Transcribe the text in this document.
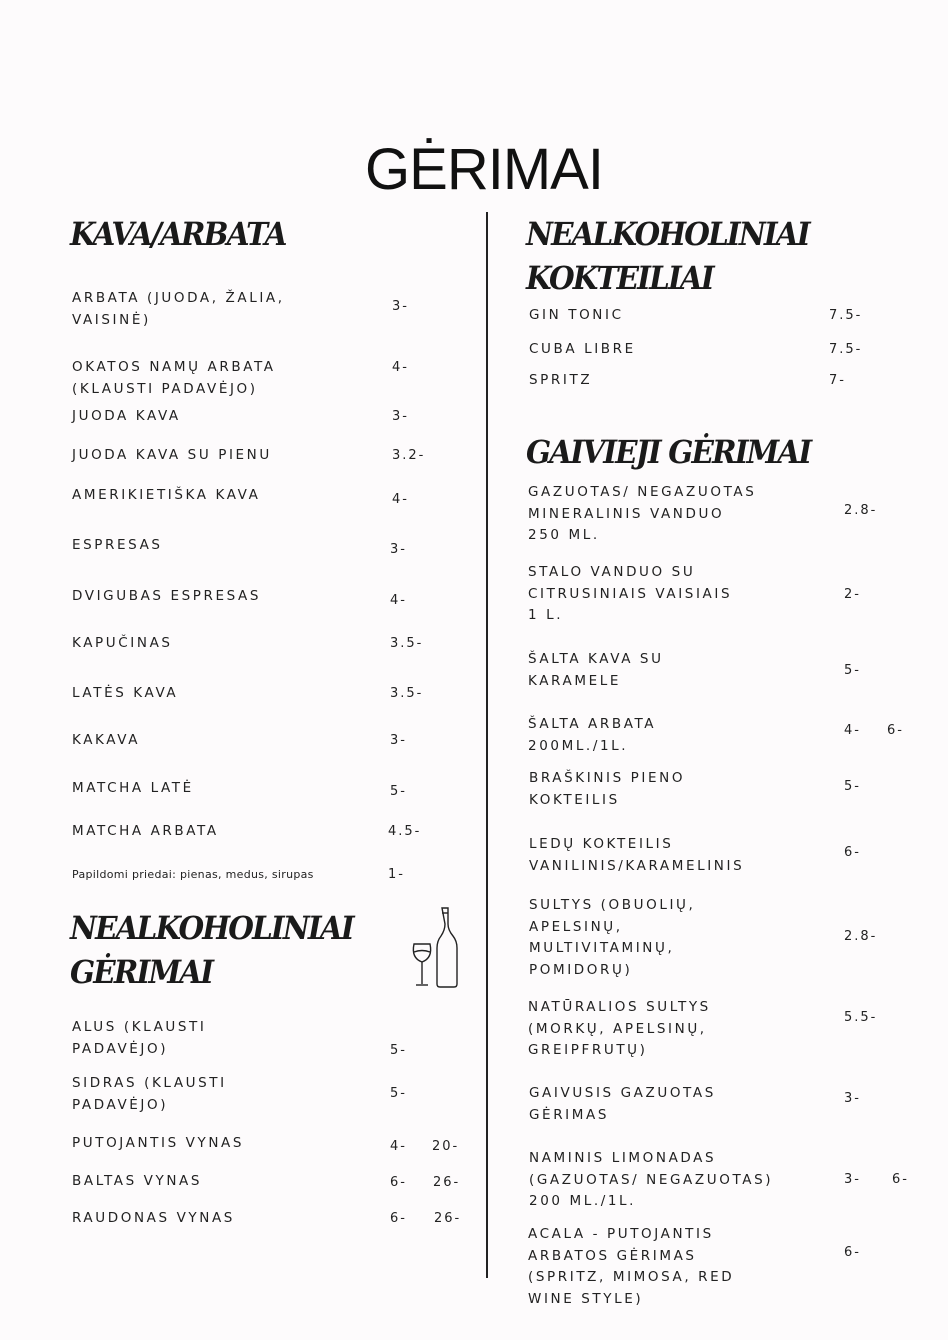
GĖRIMAI
KAVA/ARBATA
ARBATA (JUODA, ŽALIA,
VAISINĖ)
3-
OKATOS NAMŲ ARBATA
(KLAUSTI PADAVĖJO)
4-
JUODA KAVA	3-
JUODA KAVA SU PIENU	3.2-
AMERIKIETIŠKA KAVA	4-
ESPRESAS	3-
DVIGUBAS ESPRESAS	4-
KAPUČINAS	3.5-
LATĖS KAVA	3.5-
KAKAVA	3-
MATCHA LATĖ	5-
MATCHA ARBATA	4.5-
Papildomi priedai: pienas, medus, sirupas	1-
NEALKOHOLINIAI
GĖRIMAI
ALUS (KLAUSTI
PADAVĖJO)	5-
SIDRAS (KLAUSTI
PADAVĖJO)
5-
PUTOJANTIS VYNAS	4- 20-
BALTAS VYNAS	6- 26-
RAUDONAS VYNAS	6- 26-
NEALKOHOLINIAI
KOKTEILIAI
GIN TONIC	7.5-
CUBA LIBRE	7.5-
SPRITZ	7-
GAIVIEJI GĖRIMAI
GAZUOTAS/ NEGAZUOTAS
MINERALINIS VANDUO
250 ML.
2.8-
STALO VANDUO SU
CITRUSINIAIS VAISIAIS
1 L.
2-
ŠALTA KAVA SU
KARAMELE
5-
ŠALTA ARBATA
200ML./1L.
4- 6-
BRAŠKINIS PIENO
KOKTEILIS
5-
LEDŲ KOKTEILIS
VANILINIS/KARAMELINIS
6-
SULTYS (OBUOLIŲ,
APELSINŲ,
MULTIVITAMINŲ,
POMIDORŲ)
2.8-
NATŪRALIOS SULTYS
(MORKŲ, APELSINŲ,
GREIPFRUTŲ)
5.5-
GAIVUSIS GAZUOTAS
GĖRIMAS
3-
NAMINIS LIMONADAS
(GAZUOTAS/ NEGAZUOTAS)
200 ML./1L.
3- 6-
ACALA - PUTOJANTIS
ARBATOS GĖRIMAS
(SPRITZ, MIMOSA, RED
WINE STYLE)
6-
